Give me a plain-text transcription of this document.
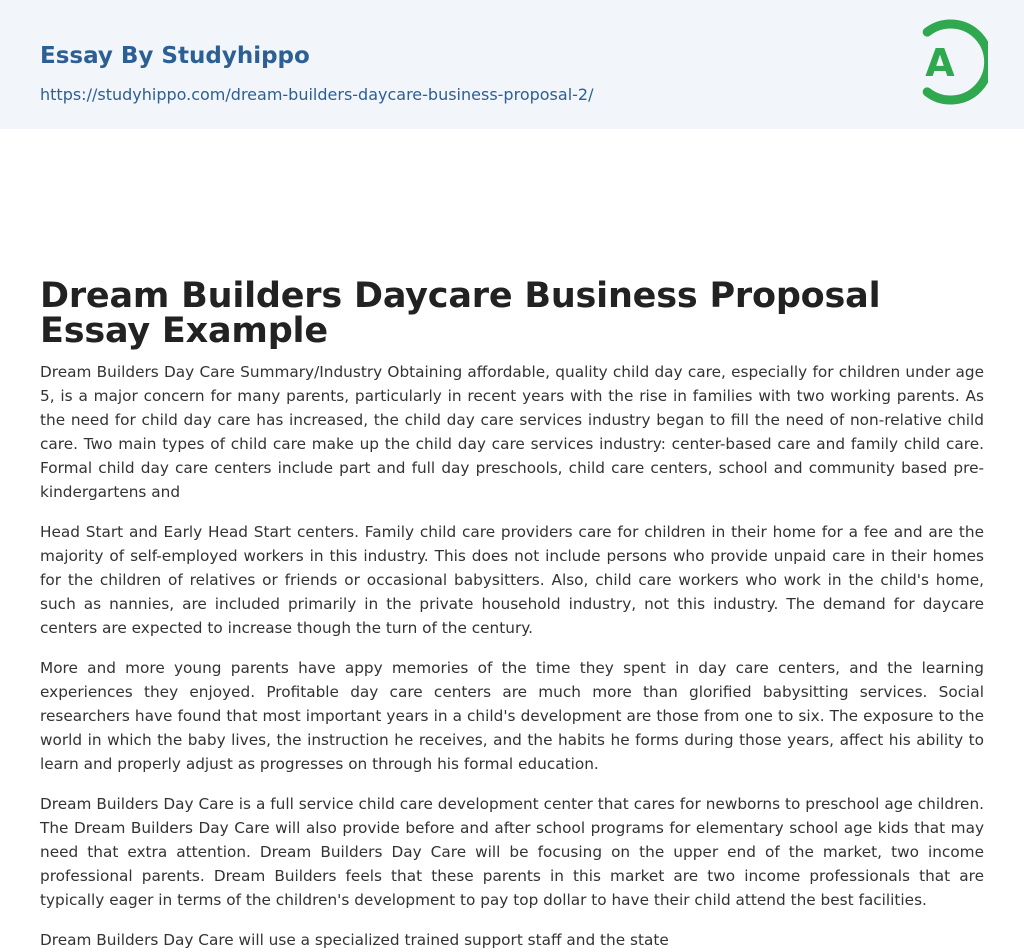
Essay By Studyhippo
https://studyhippo.com/dream-builders-daycare-business-proposal-2/
A
Dream Builders Daycare Business Proposal Essay Example

Dream Builders Day Care Summary/Industry Obtaining affordable, quality child day care, especially for children under age 5, is a major concern for many parents, particularly in recent years with the rise in families with two working parents. As the need for child day care has increased, the child day care services industry began to fill the need of non-relative child care. Two main types of child care make up the child day care services industry: center-based care and family child care. Formal child day care centers include part and full day preschools, child care centers, school and community based pre-kindergartens and

Head Start and Early Head Start centers. Family child care providers care for children in their home for a fee and are the majority of self-employed workers in this industry. This does not include persons who provide unpaid care in their homes for the children of relatives or friends or occasional babysitters. Also, child care workers who work in the child's home, such as nannies, are included primarily in the private household industry, not this industry. The demand for daycare centers are expected to increase though the turn of the century.

More and more young parents have appy memories of the time they spent in day care centers, and the learning experiences they enjoyed. Profitable day care centers are much more than glorified babysitting services. Social researchers have found that most important years in a child's development are those from one to six. The exposure to the world in which the baby lives, the instruction he receives, and the habits he forms during those years, affect his ability to learn and properly adjust as progresses on through his formal education.

Dream Builders Day Care is a full service child care development center that cares for newborns to preschool age children. The Dream Builders Day Care will also provide before and after school programs for elementary school age kids that may need that extra attention. Dream Builders Day Care will be focusing on the upper end of the market, two income professional parents. Dream Builders feels that these parents in this market are two income professionals that are typically eager in terms of the children's development to pay top dollar to have their child attend the best facilities.

Dream Builders Day Care will use a specialized trained support staff and the state
